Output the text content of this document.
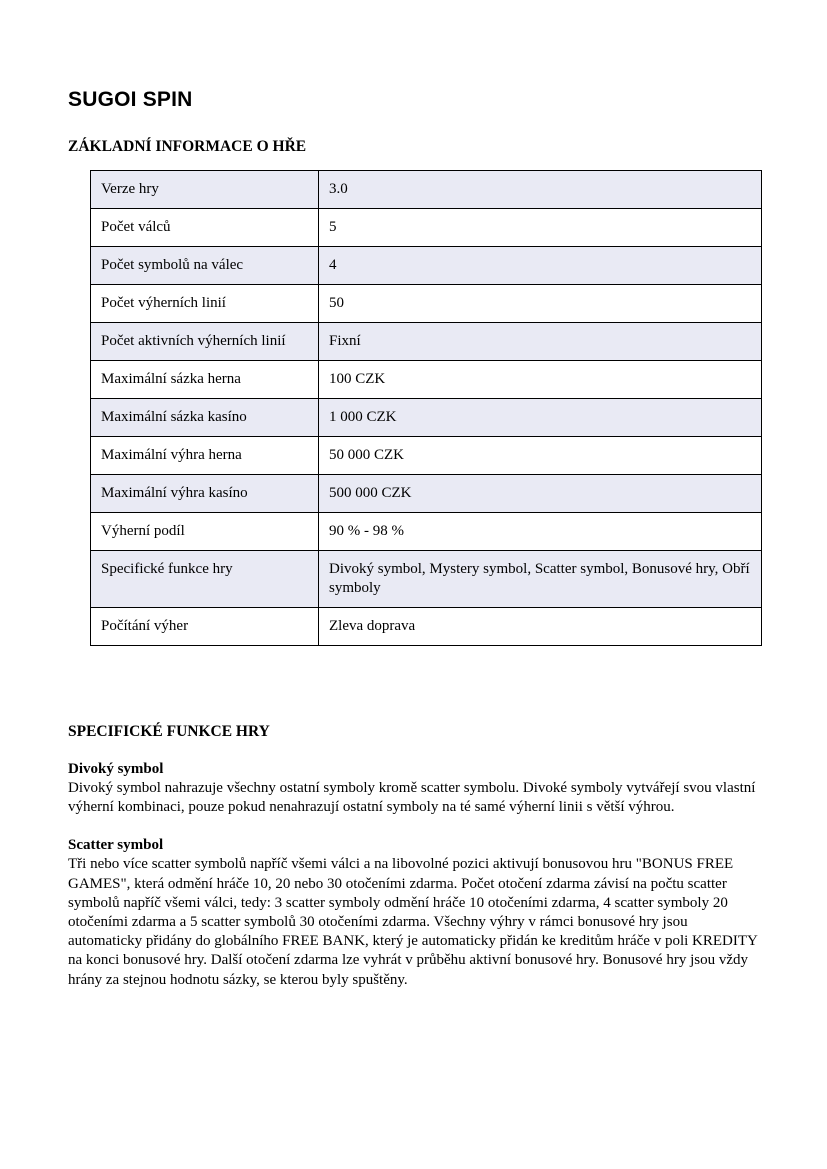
SUGOI SPIN
ZÁKLADNÍ INFORMACE O HŘE
Verze hry	3.0
Počet válců	5
Počet symbolů na válec	4
Počet výherních linií	50
Počet aktivních výherních linií	Fixní
Maximální sázka herna	100 CZK
Maximální sázka kasíno	1 000 CZK
Maximální výhra herna	50 000 CZK
Maximální výhra kasíno	500 000 CZK
Výherní podíl	90 % - 98 %
Specifické funkce hry	Divoký symbol, Mystery symbol, Scatter symbol, Bonusové hry, Obří symboly
Počítání výher	Zleva doprava
SPECIFICKÉ FUNKCE HRY
Divoký symbol

Divoký symbol nahrazuje všechny ostatní symboly kromě scatter symbolu. Divoké symboly vytvářejí svou vlastní výherní kombinaci, pouze pokud nenahrazují ostatní symboly na té samé výherní linii s větší výhrou.

Scatter symbol

Tři nebo více scatter symbolů napříč všemi válci a na libovolné pozici aktivují bonusovou hru "BONUS FREE GAMES", která odmění hráče 10, 20 nebo 30 otočeními zdarma. Počet otočení zdarma závisí na počtu scatter symbolů napříč všemi válci, tedy: 3 scatter symboly odmění hráče 10 otočeními zdarma, 4 scatter symboly 20 otočeními zdarma a 5 scatter symbolů 30 otočeními zdarma. Všechny výhry v rámci bonusové hry jsou automaticky přidány do globálního FREE BANK, který je automaticky přidán ke kreditům hráče v poli KREDITY na konci bonusové hry. Další otočení zdarma lze vyhrát v průběhu aktivní bonusové hry. Bonusové hry jsou vždy hrány za stejnou hodnotu sázky, se kterou byly spuštěny.
